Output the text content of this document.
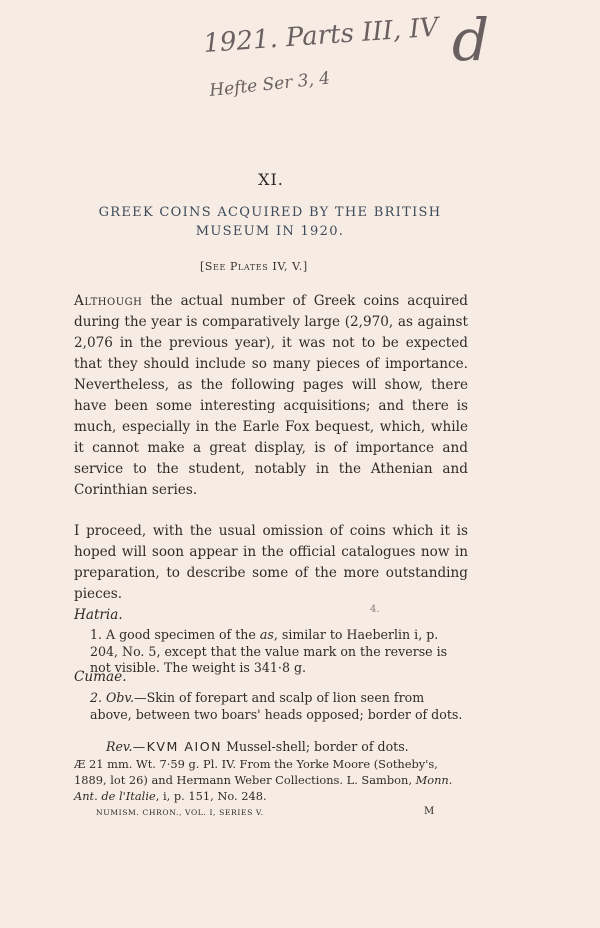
1921. Parts III, IV
Hefte Ser 3, 4
d
XI.
GREEK COINS ACQUIRED BY THE BRITISH
MUSEUM IN 1920.
[See Plates IV, V.]

Although the actual number of Greek coins acquired during the year is comparatively large (2,970, as against 2,076 in the previous year), it was not to be expected that they should include so many pieces of importance. Nevertheless, as the following pages will show, there have been some interesting acquisitions; and there is much, especially in the Earle Fox bequest, which, while it cannot make a great display, is of importance and service to the student, notably in the Athenian and Corinthian series.

I proceed, with the usual omission of coins which it is hoped will soon appear in the official catalogues now in preparation, to describe some of the more outstanding pieces.

Hatria.	4.

1. A good specimen of the as, similar to Haeberlin i, p. 204, No. 5, except that the value mark on the reverse is not visible. The weight is 341·8 g.

Cumae.

2. Obv.—Skin of forepart and scalp of lion seen from above, between two boars' heads opposed; border of dots.

Rev.—KVM AIOΝ Mussel-shell; border of dots.

Æ 21 mm. Wt. 7·59 g. Pl. IV. From the Yorke Moore (Sotheby's, 1889, lot 26) and Hermann Weber Collections. L. Sambon, Monn. Ant. de l'Italie, i, p. 151, No. 248.

NUMISM. CHRON., VOL. I, SERIES V.	M
